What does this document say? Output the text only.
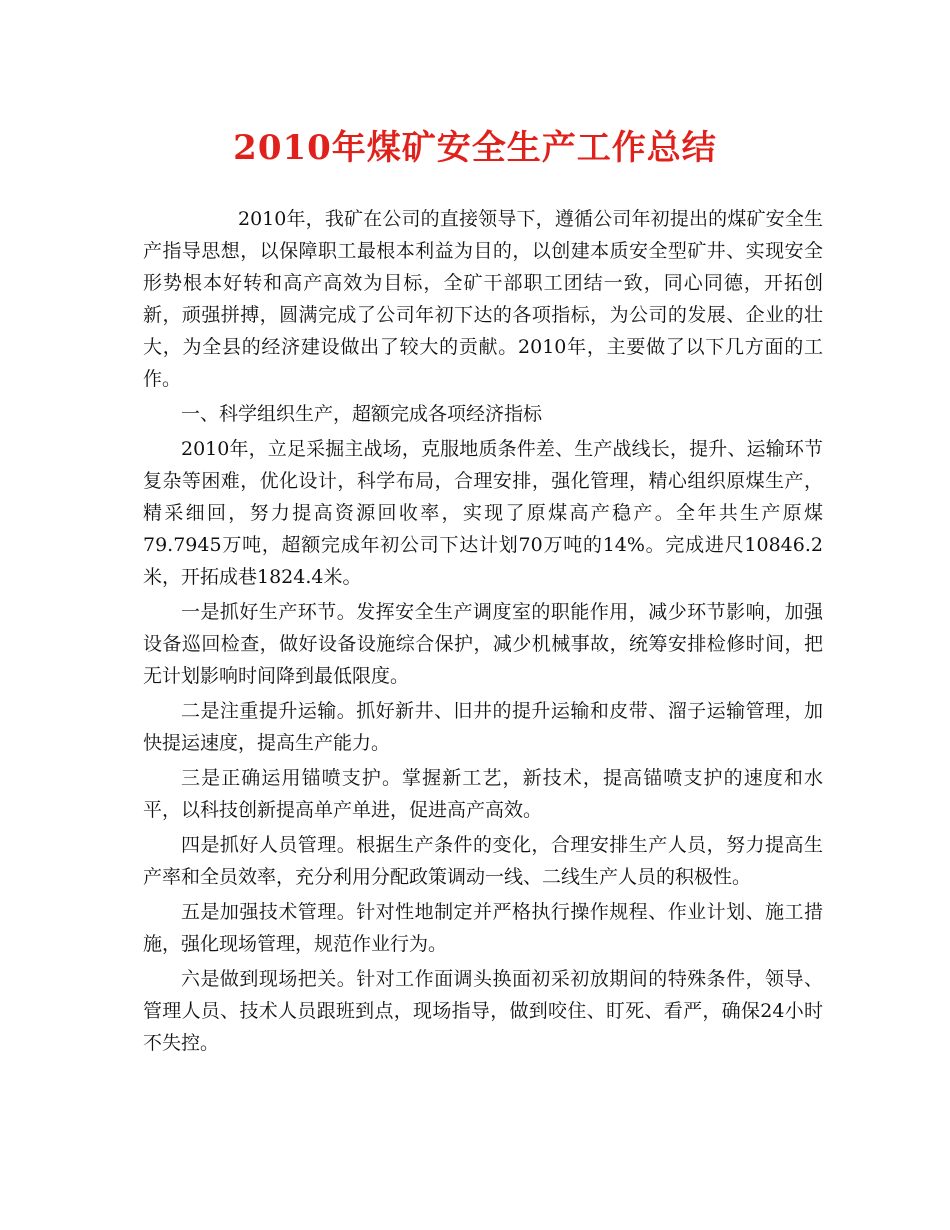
2010年煤矿安全生产工作总结

2010年，我矿在公司的直接领导下，遵循公司年初提出的煤矿安全生产指导思想，以保障职工最根本利益为目的，以创建本质安全型矿井、实现安全形势根本好转和高产高效为目标，全矿干部职工团结一致，同心同德，开拓创新，顽强拼搏，圆满完成了公司年初下达的各项指标，为公司的发展、企业的壮大，为全县的经济建设做出了较大的贡献。2010年，主要做了以下几方面的工作。

一、科学组织生产，超额完成各项经济指标

2010年，立足采掘主战场，克服地质条件差、生产战线长，提升、运输环节复杂等困难，优化设计，科学布局，合理安排，强化管理，精心组织原煤生产，精采细回，努力提高资源回收率，实现了原煤高产稳产。全年共生产原煤79.7945万吨，超额完成年初公司下达计划70万吨的14%。完成进尺10846.2米，开拓成巷1824.4米。

一是抓好生产环节。发挥安全生产调度室的职能作用，减少环节影响，加强设备巡回检查，做好设备设施综合保护，减少机械事故，统筹安排检修时间，把无计划影响时间降到最低限度。

二是注重提升运输。抓好新井、旧井的提升运输和皮带、溜子运输管理，加快提运速度，提高生产能力。

三是正确运用锚喷支护。掌握新工艺，新技术，提高锚喷支护的速度和水平，以科技创新提高单产单进，促进高产高效。

四是抓好人员管理。根据生产条件的变化，合理安排生产人员，努力提高生产率和全员效率，充分利用分配政策调动一线、二线生产人员的积极性。

五是加强技术管理。针对性地制定并严格执行操作规程、作业计划、施工措施，强化现场管理，规范作业行为。

六是做到现场把关。针对工作面调头换面初采初放期间的特殊条件，领导、管理人员、技术人员跟班到点，现场指导，做到咬住、盯死、看严，确保24小时不失控。
